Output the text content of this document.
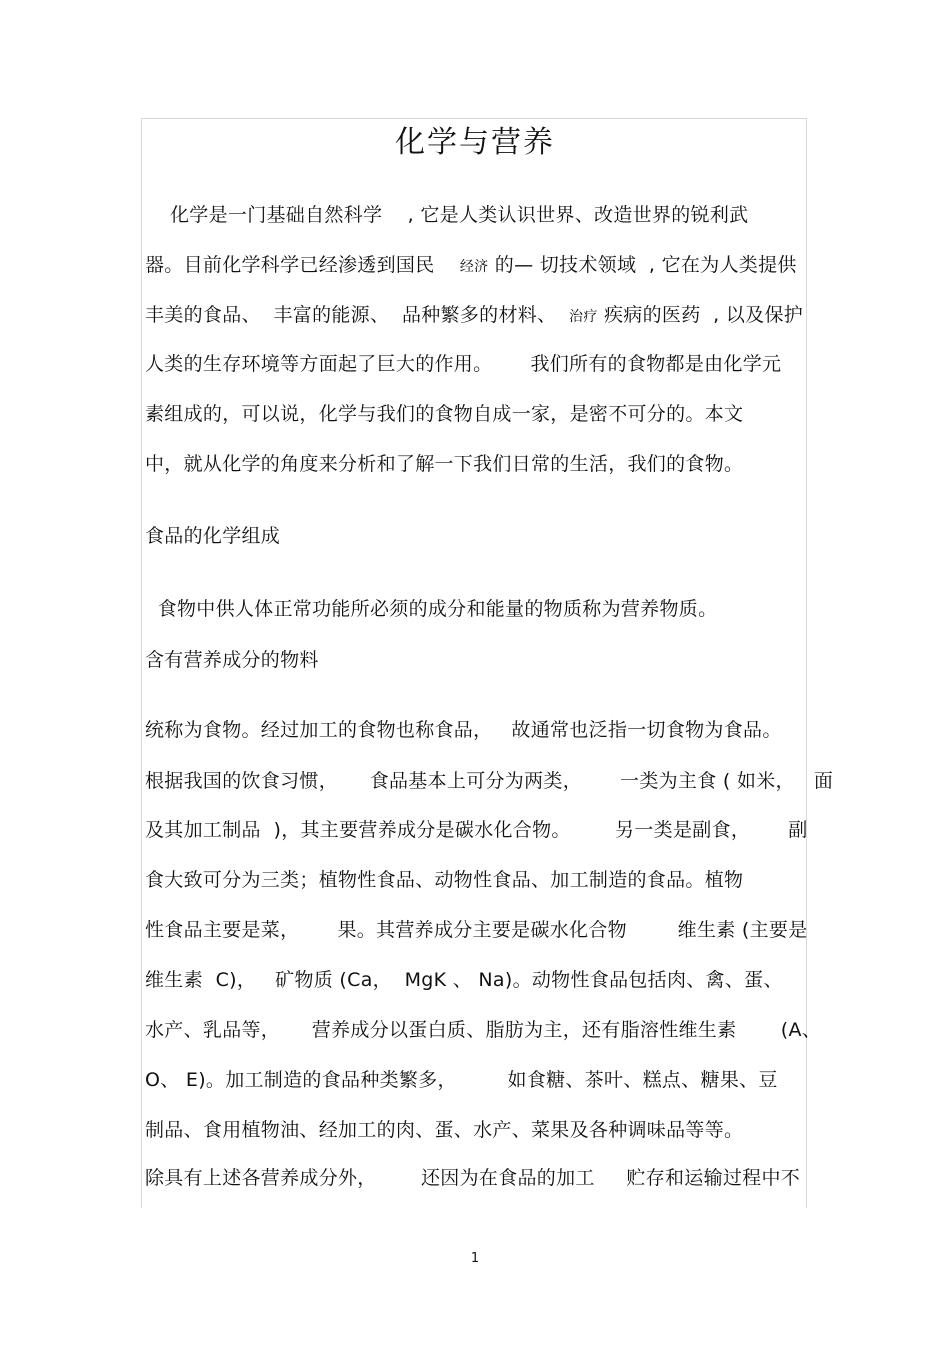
化学与营养
化学是一门基础自然科学    , 它是人类认识世界、改造世界的锐利武
器。目前化学科学已经渗透到国民    经济 的— 切技术领域  , 它在为人类提供
丰美的食品、  丰富的能源、  品种繁多的材料、  治疗 疾病的医药  , 以及保护
人类的生存环境等方面起了巨大的作用。      我们所有的食物都是由化学元
素组成的，可以说，化学与我们的食物自成一家，是密不可分的。本文
中，就从化学的角度来分析和了解一下我们日常的生活，我们的食物。
食品的化学组成
食物中供人体正常功能所必须的成分和能量的物质称为营养物质。
含有营养成分的物料
统称为食物。经过加工的食物也称食品，   故通常也泛指一切食物为食品。
根据我国的饮食习惯，     食品基本上可分为两类，      一类为主食 ( 如米，   面
及其加工制品  )，其主要营养成分是碳水化合物。       另一类是副食，      副
食大致可分为三类；植物性食品、动物性食品、加工制造的食品。植物
性食品主要是菜，      果。其营养成分主要是碳水化合物        维生素 (主要是
维生素  C)，   矿物质 (Ca，  MgK 、 Na)。动物性食品包括肉、禽、蛋、
水产、乳品等，     营养成分以蛋白质、脂肪为主，还有脂溶性维生素       (A、
O、 E)。加工制造的食品种类繁多，        如食糖、茶叶、糕点、糖果、豆
制品、食用植物油、经加工的肉、蛋、水产、菜果及各种调味品等等。
除具有上述各营养成分外，       还因为在食品的加工     贮存和运输过程中不
1
